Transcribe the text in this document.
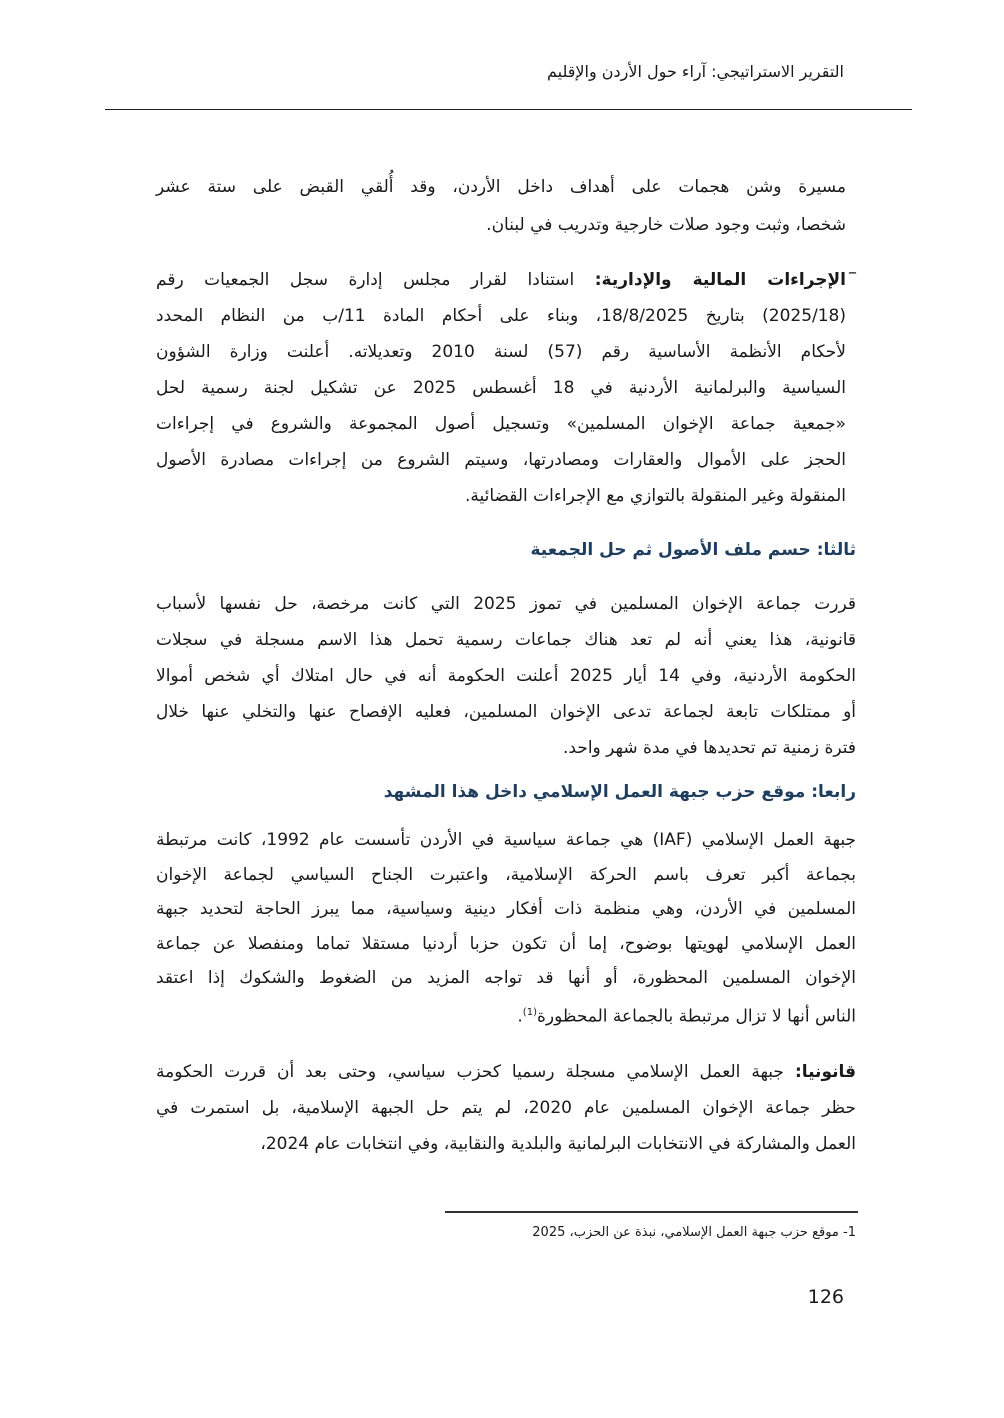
التقرير الاستراتيجي: آراء حول الأردن والإقليم
مسيرة وشن هجمات على أهداف داخل الأردن، وقد أُلقي القبض على ستة عشر
شخصا، وثبت وجود صلات خارجية وتدريب في لبنان.
–
الإجراءات المالية والإدارية: استنادا لقرار مجلس إدارة سجل الجمعيات رقم
(2025/18) بتاريخ 18/8/2025، وبناء على أحكام المادة 11/ب من النظام المحدد
لأحكام الأنظمة الأساسية رقم (57) لسنة 2010 وتعديلاته. أعلنت وزارة الشؤون
السياسية والبرلمانية الأردنية في 18 أغسطس 2025 عن تشكيل لجنة رسمية لحل
«جمعية جماعة الإخوان المسلمين» وتسجيل أصول المجموعة والشروع في إجراءات
الحجز على الأموال والعقارات ومصادرتها، وسيتم الشروع من إجراءات مصادرة الأصول
المنقولة وغير المنقولة بالتوازي مع الإجراءات القضائية.
ثالثا: حسم ملف الأصول ثم حل الجمعية
قررت جماعة الإخوان المسلمين في تموز 2025 التي كانت مرخصة، حل نفسها لأسباب
قانونية، هذا يعني أنه لم تعد هناك جماعات رسمية تحمل هذا الاسم مسجلة في سجلات
الحكومة الأردنية، وفي 14 أيار 2025 أعلنت الحكومة أنه في حال امتلاك أي شخص أموالا
أو ممتلكات تابعة لجماعة تدعى الإخوان المسلمين، فعليه الإفصاح عنها والتخلي عنها خلال
فترة زمنية تم تحديدها في مدة شهر واحد.
رابعا: موقع حزب جبهة العمل الإسلامي داخل هذا المشهد
جبهة العمل الإسلامي (IAF) هي جماعة سياسية في الأردن تأسست عام 1992، كانت مرتبطة
بجماعة أكبر تعرف باسم الحركة الإسلامية، واعتبرت الجناح السياسي لجماعة الإخوان
المسلمين في الأردن، وهي منظمة ذات أفكار دينية وسياسية، مما يبرز الحاجة لتحديد جبهة
العمل الإسلامي لهويتها بوضوح، إما أن تكون حزبا أردنيا مستقلا تماما ومنفصلا عن جماعة
الإخوان المسلمين المحظورة، أو أنها قد تواجه المزيد من الضغوط والشكوك إذا اعتقد
الناس أنها لا تزال مرتبطة بالجماعة المحظورة$^{(1)}$.
قانونيا: جبهة العمل الإسلامي مسجلة رسميا كحزب سياسي، وحتى بعد أن قررت الحكومة
حظر جماعة الإخوان المسلمين عام 2020، لم يتم حل الجبهة الإسلامية، بل استمرت في
العمل والمشاركة في الانتخابات البرلمانية والبلدية والنقابية، وفي انتخابات عام 2024،
1- موقع حزب جبهة العمل الإسلامي، نبذة عن الحزب، 2025
126
